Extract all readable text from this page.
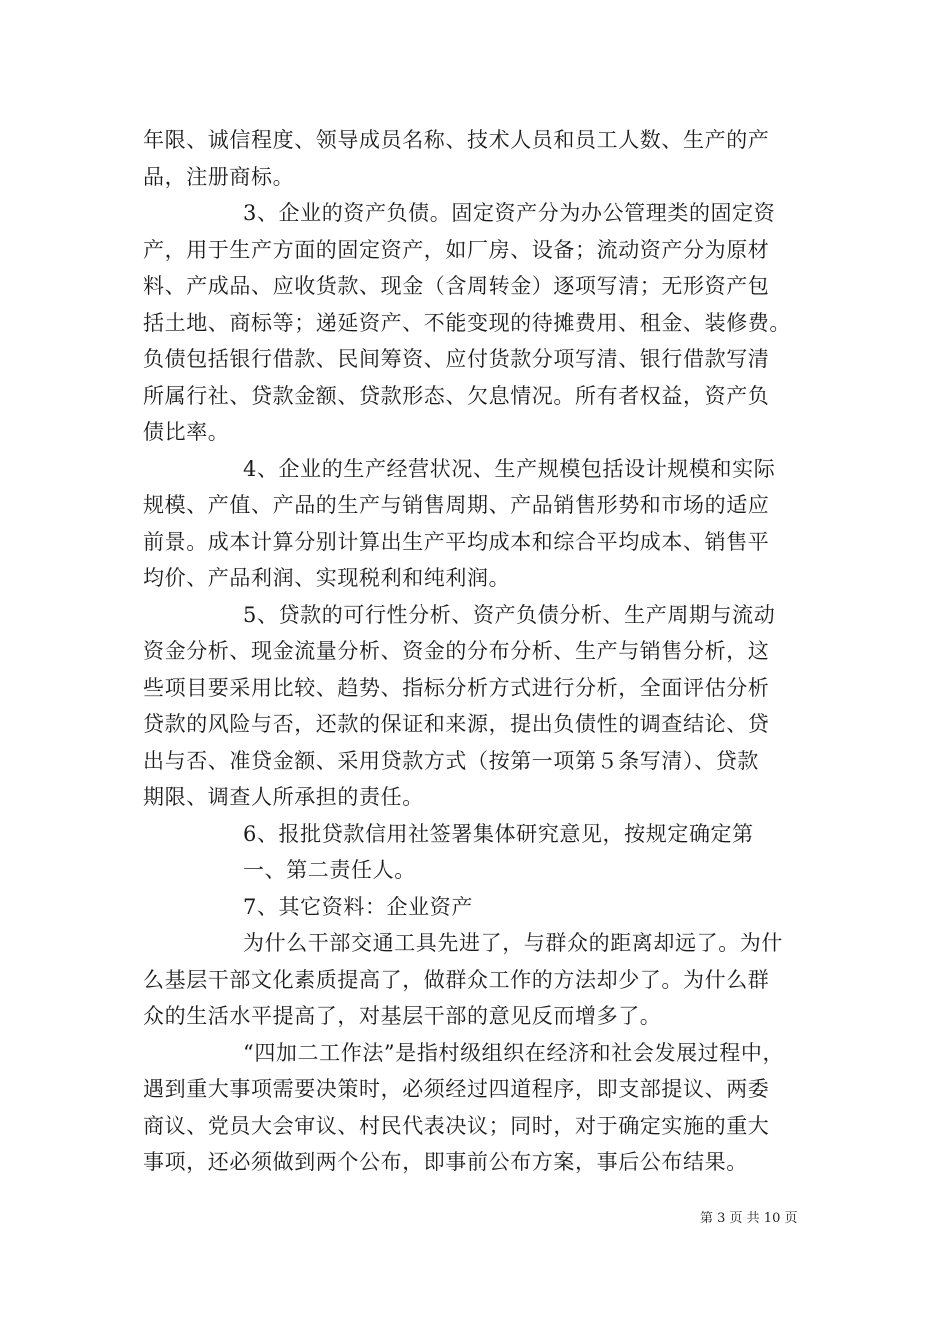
年限、诚信程度、领导成员名称、技术人员和员工人数、生产的产
品，注册商标。
3、企业的资产负债。固定资产分为办公管理类的固定资
产，用于生产方面的固定资产，如厂房、设备；流动资产分为原材
料、产成品、应收货款、现金（含周转金）逐项写清；无形资产包
括土地、商标等；递延资产、不能变现的待摊费用、租金、装修费。
负债包括银行借款、民间筹资、应付货款分项写清、银行借款写清
所属行社、贷款金额、贷款形态、欠息情况。所有者权益，资产负
债比率。
4、企业的生产经营状况、生产规模包括设计规模和实际
规模、产值、产品的生产与销售周期、产品销售形势和市场的适应
前景。成本计算分别计算出生产平均成本和综合平均成本、销售平
均价、产品利润、实现税利和纯利润。
5、贷款的可行性分析、资产负债分析、生产周期与流动
资金分析、现金流量分析、资金的分布分析、生产与销售分析，这
些项目要采用比较、趋势、指标分析方式进行分析，全面评估分析
贷款的风险与否，还款的保证和来源，提出负债性的调查结论、贷
出与否、准贷金额、采用贷款方式（按第一项第５条写清）、贷款
期限、调查人所承担的责任。
6、报批贷款信用社签署集体研究意见，按规定确定第
一、第二责任人。
7、其它资料：企业资产
为什么干部交通工具先进了，与群众的距离却远了。为什
么基层干部文化素质提高了，做群众工作的方法却少了。为什么群
众的生活水平提高了，对基层干部的意见反而增多了。
“四加二工作法”是指村级组织在经济和社会发展过程中，
遇到重大事项需要决策时，必须经过四道程序，即支部提议、两委
商议、党员大会审议、村民代表决议；同时，对于确定实施的重大
事项，还必须做到两个公布，即事前公布方案，事后公布结果。
第 3 页 共 10 页
